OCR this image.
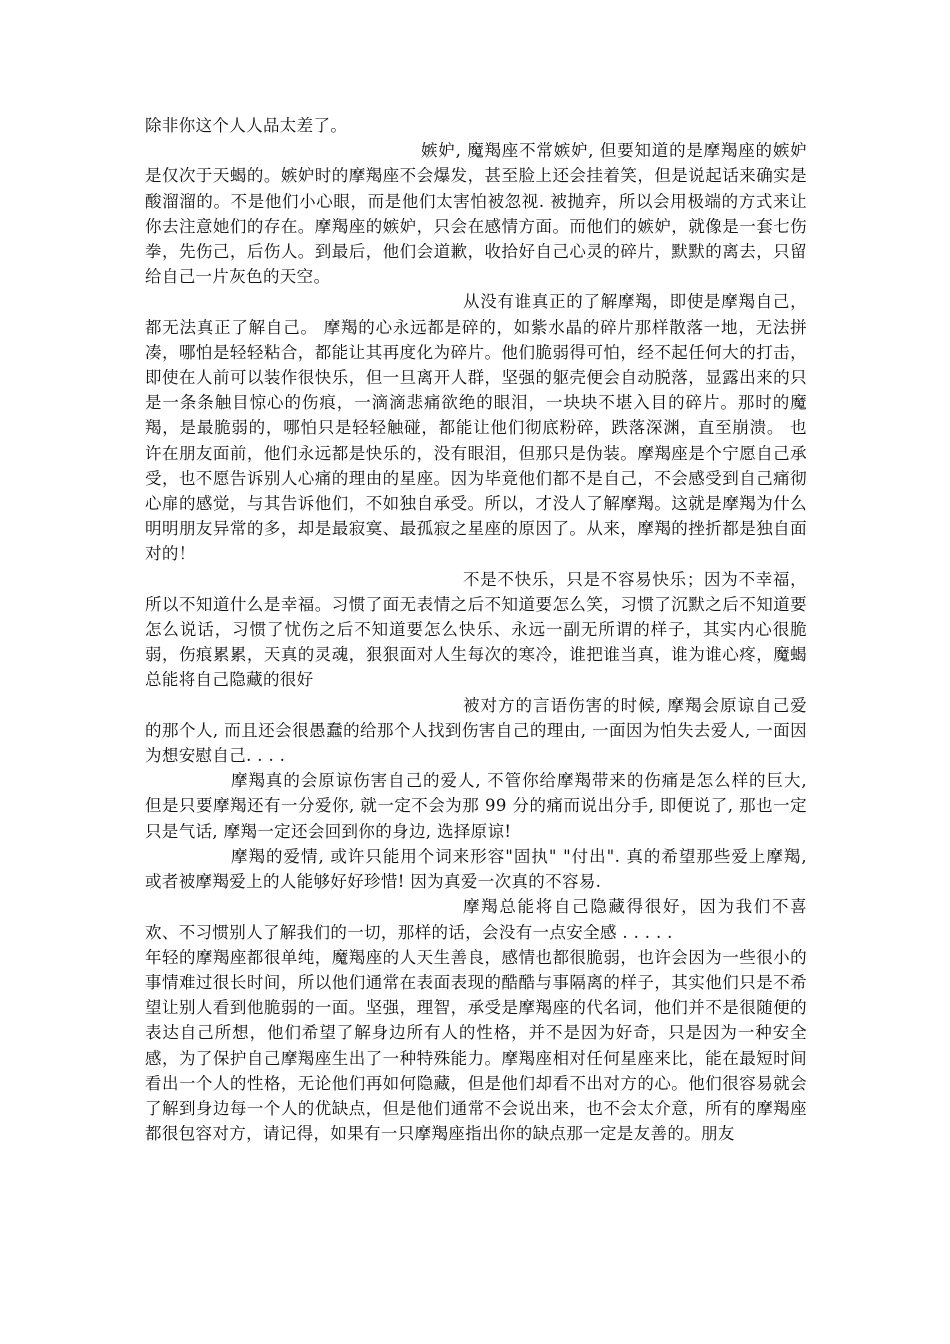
除非你这个人人品太差了。

嫉妒, 魔羯座不常嫉妒, 但要知道的是摩羯座的嫉妒是仅次于天蝎的。嫉妒时的摩羯座不会爆发，甚至脸上还会挂着笑，但是说起话来确实是酸溜溜的。不是他们小心眼，而是他们太害怕被忽视. 被抛弃，所以会用极端的方式来让你去注意她们的存在。摩羯座的嫉妒，只会在感情方面。而他们的嫉妒，就像是一套七伤拳，先伤己，后伤人。到最后，他们会道歉，收拾好自己心灵的碎片，默默的离去，只留给自己一片灰色的天空。

从没有谁真正的了解摩羯，即使是摩羯自己，都无法真正了解自己。 摩羯的心永远都是碎的，如紫水晶的碎片那样散落一地，无法拼凑，哪怕是轻轻粘合，都能让其再度化为碎片。他们脆弱得可怕，经不起任何大的打击，即使在人前可以装作很快乐，但一旦离开人群，坚强的躯壳便会自动脱落，显露出来的只是一条条触目惊心的伤痕，一滴滴悲痛欲绝的眼泪，一块块不堪入目的碎片。那时的魔羯，是最脆弱的，哪怕只是轻轻触碰，都能让他们彻底粉碎，跌落深渊，直至崩溃。 也许在朋友面前，他们永远都是快乐的，没有眼泪，但那只是伪装。摩羯座是个宁愿自己承受，也不愿告诉别人心痛的理由的星座。因为毕竟他们都不是自己，不会感受到自己痛彻心扉的感觉，与其告诉他们，不如独自承受。所以，才没人了解摩羯。这就是摩羯为什么明明朋友异常的多，却是最寂寞、最孤寂之星座的原因了。从来，摩羯的挫折都是独自面对的！

不是不快乐，只是不容易快乐；因为不幸福，所以不知道什么是幸福。习惯了面无表情之后不知道要怎么笑，习惯了沉默之后不知道要怎么说话，习惯了忧伤之后不知道要怎么快乐、永远一副无所谓的样子，其实内心很脆弱，伤痕累累，天真的灵魂，狠狠面对人生每次的寒冷，谁把谁当真，谁为谁心疼，魔蝎总能将自己隐藏的很好

被对方的言语伤害的时候, 摩羯会原谅自己爱的那个人, 而且还会很愚蠢的给那个人找到伤害自己的理由, 一面因为怕失去爱人, 一面因为想安慰自己. . . .

摩羯真的会原谅伤害自己的爱人, 不管你给摩羯带来的伤痛是怎么样的巨大, 但是只要摩羯还有一分爱你, 就一定不会为那 99 分的痛而说出分手, 即便说了, 那也一定只是气话, 摩羯一定还会回到你的身边, 选择原谅!

摩羯的爱情, 或许只能用个词来形容"固执" "付出". 真的希望那些爱上摩羯, 或者被摩羯爱上的人能够好好珍惜! 因为真爱一次真的不容易.

摩羯总能将自己隐藏得很好，因为我们不喜欢、不习惯别人了解我们的一切，那样的话，会没有一点安全感 . . . . .

年轻的摩羯座都很单纯，魔羯座的人天生善良，感情也都很脆弱，也许会因为一些很小的事情难过很长时间，所以他们通常在表面表现的酷酷与事隔离的样子，其实他们只是不希望让别人看到他脆弱的一面。坚强，理智，承受是摩羯座的代名词，他们并不是很随便的表达自己所想，他们希望了解身边所有人的性格，并不是因为好奇，只是因为一种安全感，为了保护自己摩羯座生出了一种特殊能力。摩羯座相对任何星座来比，能在最短时间看出一个人的性格，无论他们再如何隐藏，但是他们却看不出对方的心。他们很容易就会了解到身边每一个人的优缺点，但是他们通常不会说出来，也不会太介意，所有的摩羯座都很包容对方，请记得，如果有一只摩羯座指出你的缺点那一定是友善的。朋友
